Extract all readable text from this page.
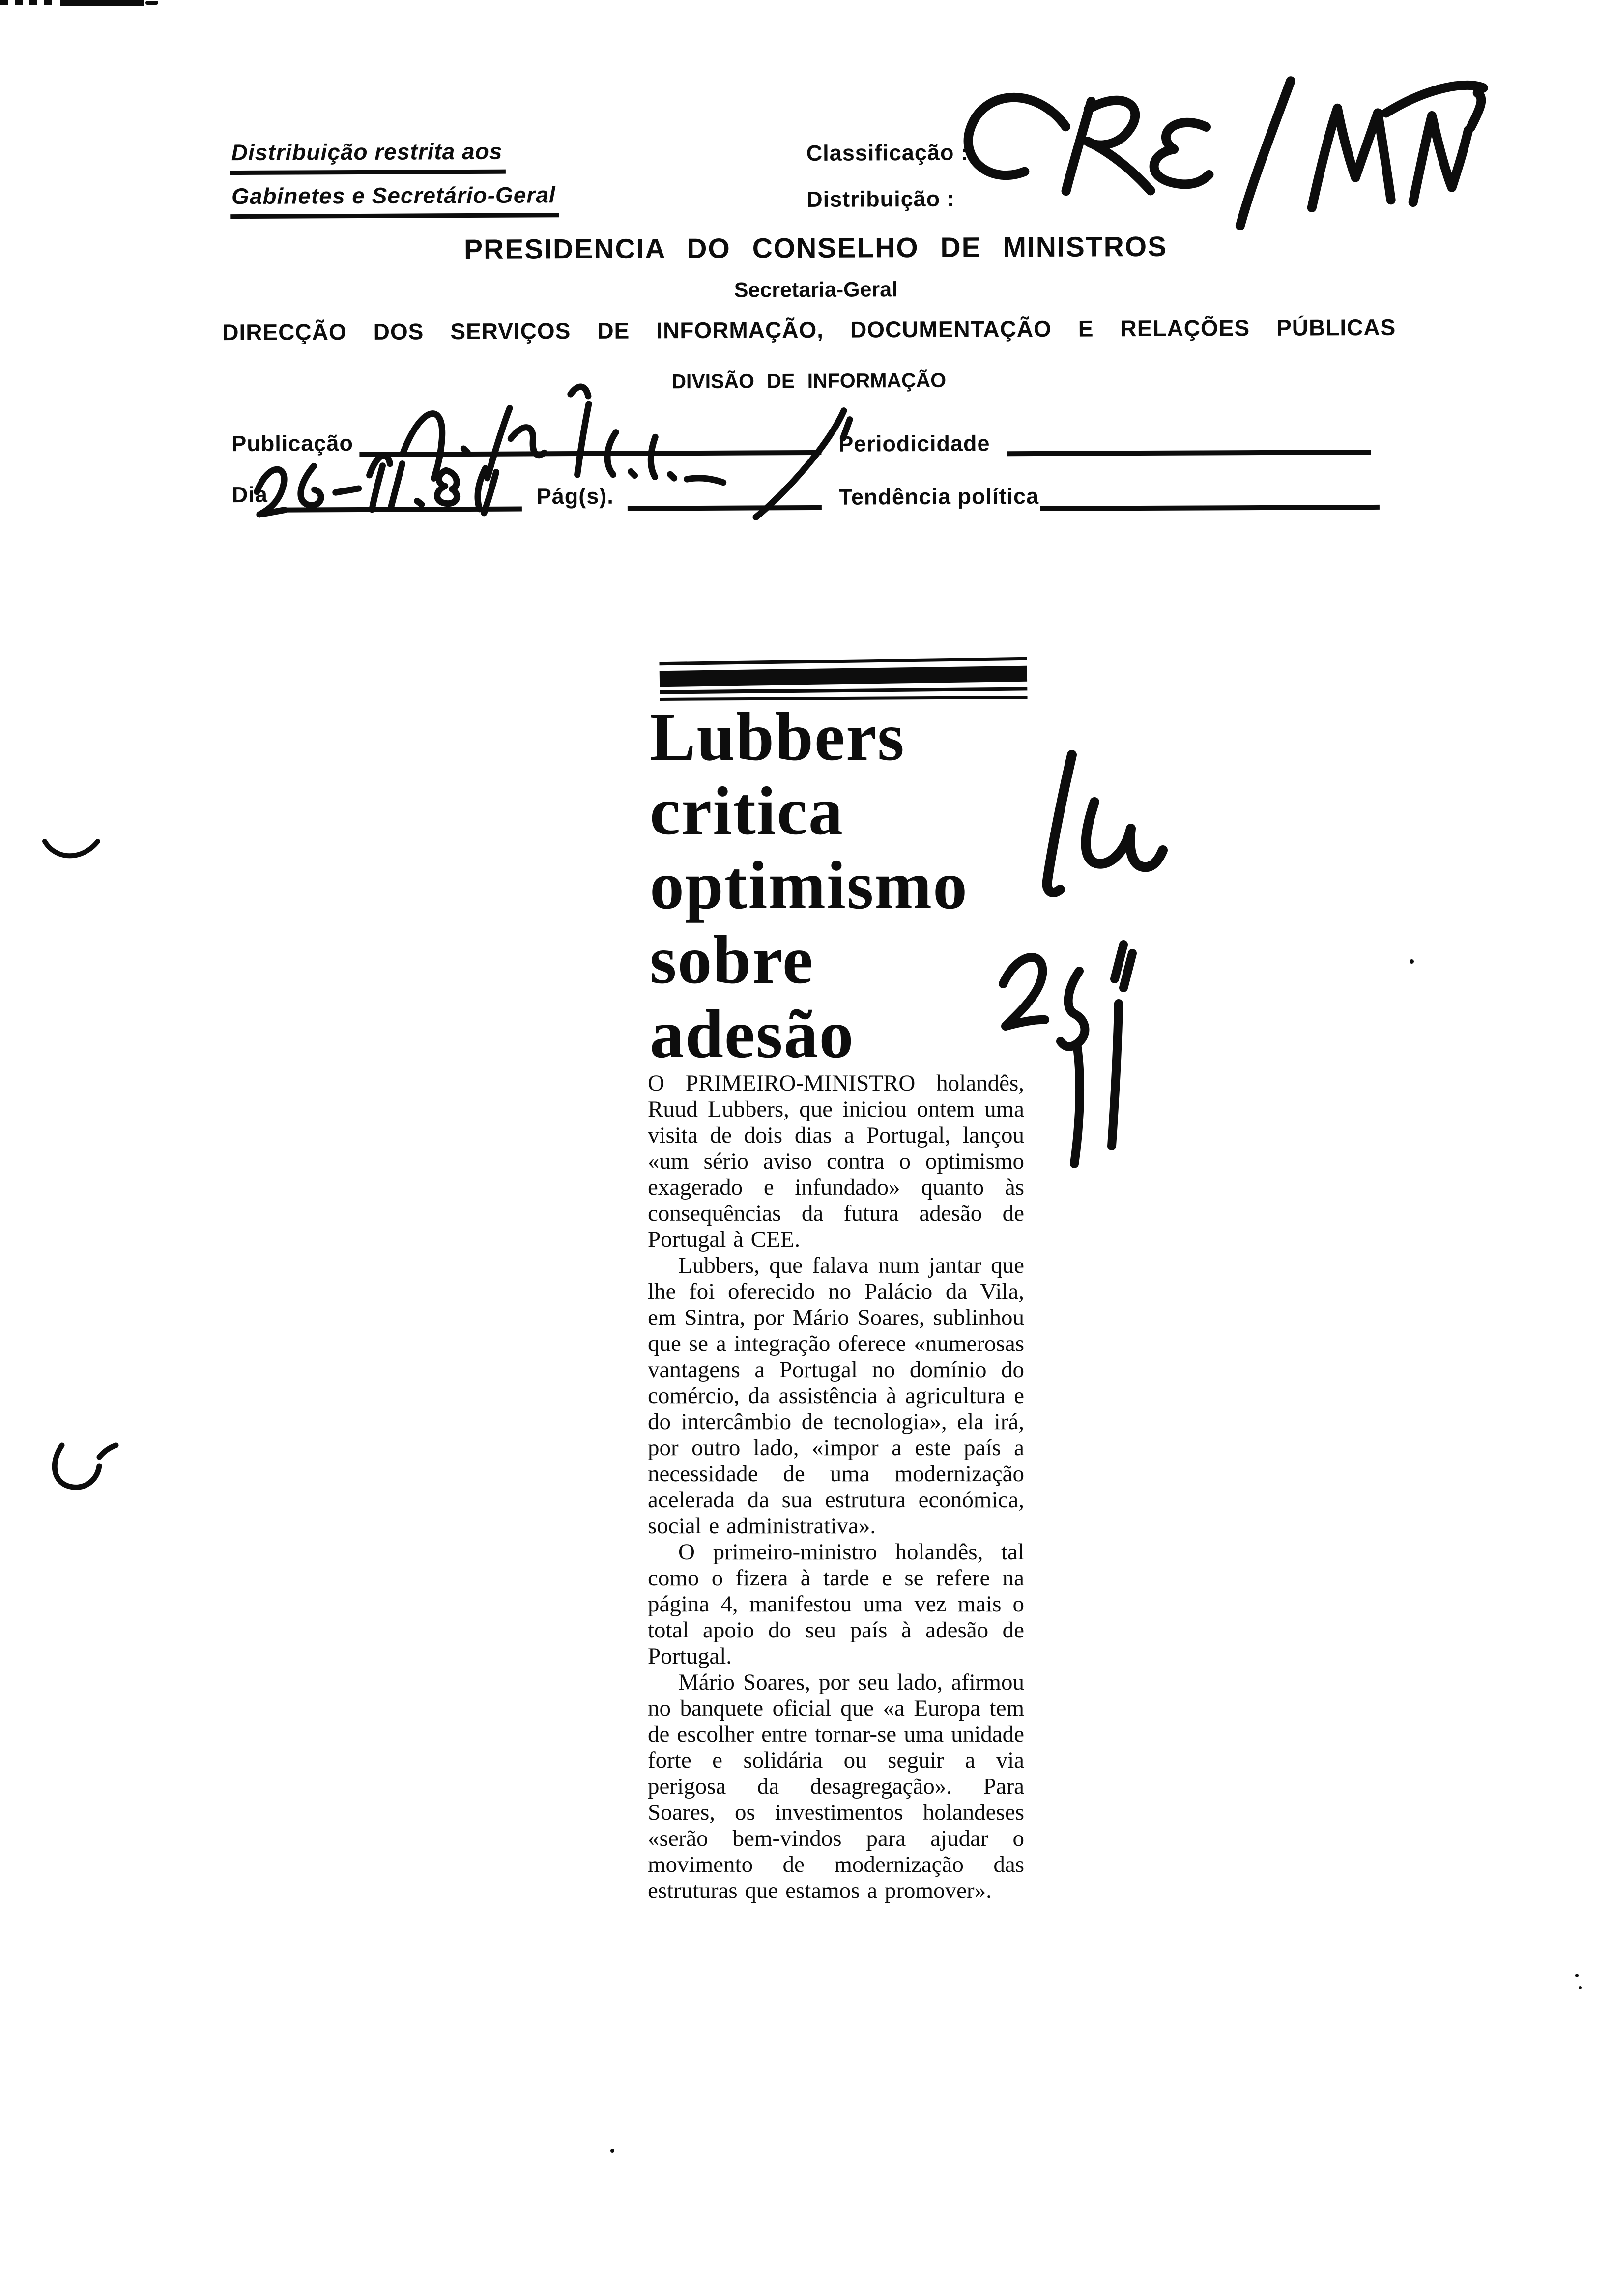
Distribuição restrita aos
Gabinetes e Secretário-Geral
Classificação :
Distribuição :
PRESIDENCIA DO CONSELHO DE MINISTROS
Secretaria-Geral
DIRECÇÃO DOS SERVIÇOS DE INFORMAÇÃO, DOCUMENTAÇÃO E RELAÇÕES PÚBLICAS
DIVISÃO DE INFORMAÇÃO
Publicação	Periodicidade
Dia	Pág(s).	Tendência política
Lubbers
critica
optimismo
sobre
adesão

O PRIMEIRO-MINISTRO holandês, Ruud Lubbers, que iniciou ontem uma visita de dois dias a Portugal, lançou «um sério aviso contra o optimismo exagerado e infundado» quanto às consequências da futura adesão de Portugal à CEE.

Lubbers, que falava num jantar que lhe foi oferecido no Palácio da Vila, em Sintra, por Mário Soares, sublinhou que se a integração oferece «numerosas vantagens a Portugal no domínio do comércio, da assistência à agricultura e do intercâmbio de tecnologia», ela irá, por outro lado, «impor a este país a necessidade de uma modernização acelerada da sua estrutura económica, social e administrativa».

O primeiro-ministro holandês, tal como o fizera à tarde e se refere na página 4, manifestou uma vez mais o total apoio do seu país à adesão de Portugal.

Mário Soares, por seu lado, afirmou no banquete oficial que «a Europa tem de escolher entre tornar-se uma unidade forte e solidária ou seguir a via perigosa da desagregação». Para Soares, os investimentos holandeses «serão bem-vindos para ajudar o movimento de modernização das estruturas que estamos a promover».
